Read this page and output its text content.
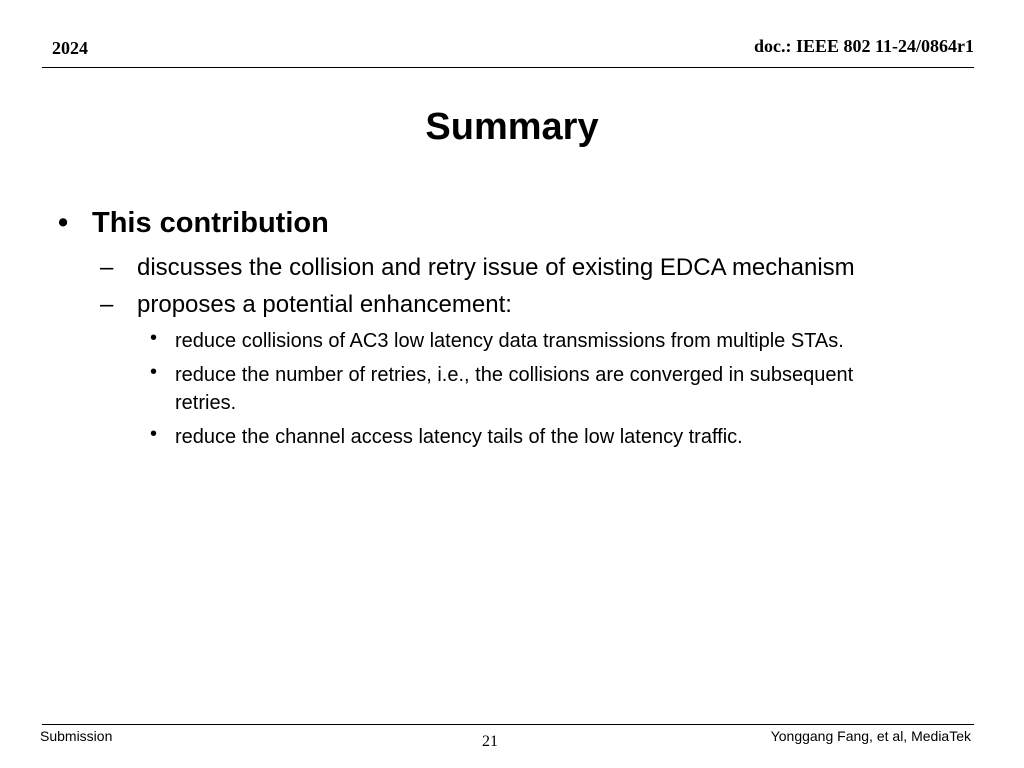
2024	doc.: IEEE 802 11-24/0864r1
Summary
• This contribution
– discusses the collision and retry issue of existing EDCA mechanism
– proposes a potential enhancement:
• reduce collisions of AC3 low latency data transmissions from multiple STAs.
• reduce the number of retries, i.e., the collisions are converged in subsequent retries.
• reduce the channel access latency tails of the low latency traffic.
Submission	21	Yonggang Fang, et al, MediaTek
